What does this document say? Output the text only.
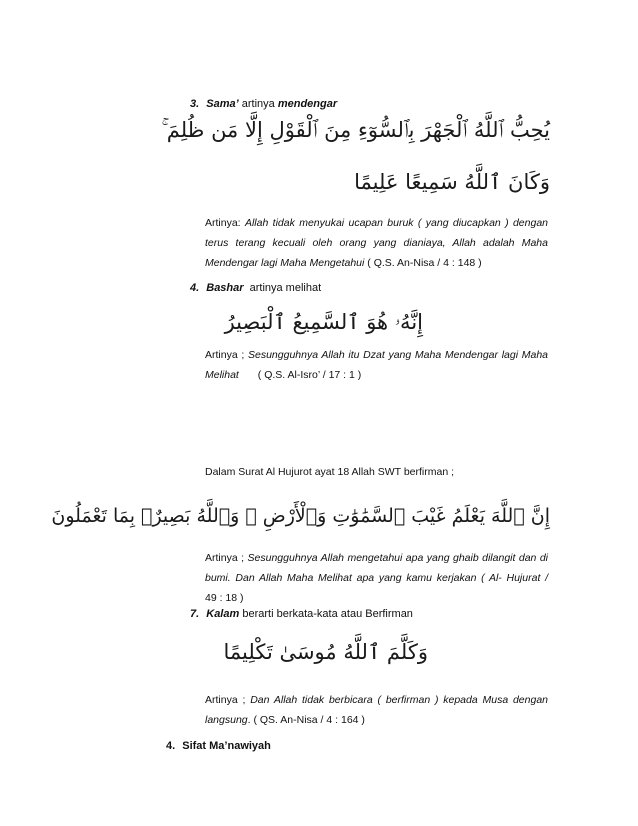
3. Sama’ artinya mendengar
يُحِبُّ ٱللَّهُ ٱلْجَهْرَ بِٱلسُّوٓءِ مِنَ ٱلْقَوْلِ إِلَّا مَن ظُلِمَ ۚ
وَكَانَ ٱللَّهُ سَمِيعًا عَلِيمًا
Artinya: Allah tidak menyukai ucapan buruk ( yang diucapkan ) dengan
terus terang kecuali oleh orang yang dianiaya, Allah adalah Maha
Mendengar lagi Maha Mengetahui ( Q.S. An-Nisa / 4 : 148 )
4. Bashar artinya melihat
إِنَّهُۥ هُوَ ٱلسَّمِيعُ ٱلْبَصِيرُ
Artinya ; Sesungguhnya Allah itu Dzat yang Maha Mendengar lagi Maha
Melihat ( Q.S. Al-Isro’ / 17 : 1 )
Dalam Surat Al Hujurot ayat 18 Allah SWT berfirman ;
إِنَّ ٱللَّهَ يَعْلَمُ غَيْبَ ٱلسَّمَٰوَٰتِ وَٱلْأَرْضِ ۚ وَٱللَّهُ بَصِيرٌۢ بِمَا تَعْمَلُونَ
Artinya ; Sesungguhnya Allah mengetahui apa yang ghaib dilangit dan di
bumi. Dan Allah Maha Melihat apa yang kamu kerjakan ( Al- Hujurat /
49 : 18 )
7. Kalam berarti berkata-kata atau Berfirman
وَكَلَّمَ ٱللَّهُ مُوسَىٰ تَكْلِيمًا
Artinya ; Dan Allah tidak berbicara ( berfirman ) kepada Musa dengan
langsung. ( QS. An-Nisa / 4 : 164 )
4. Sifat Ma’nawiyah
